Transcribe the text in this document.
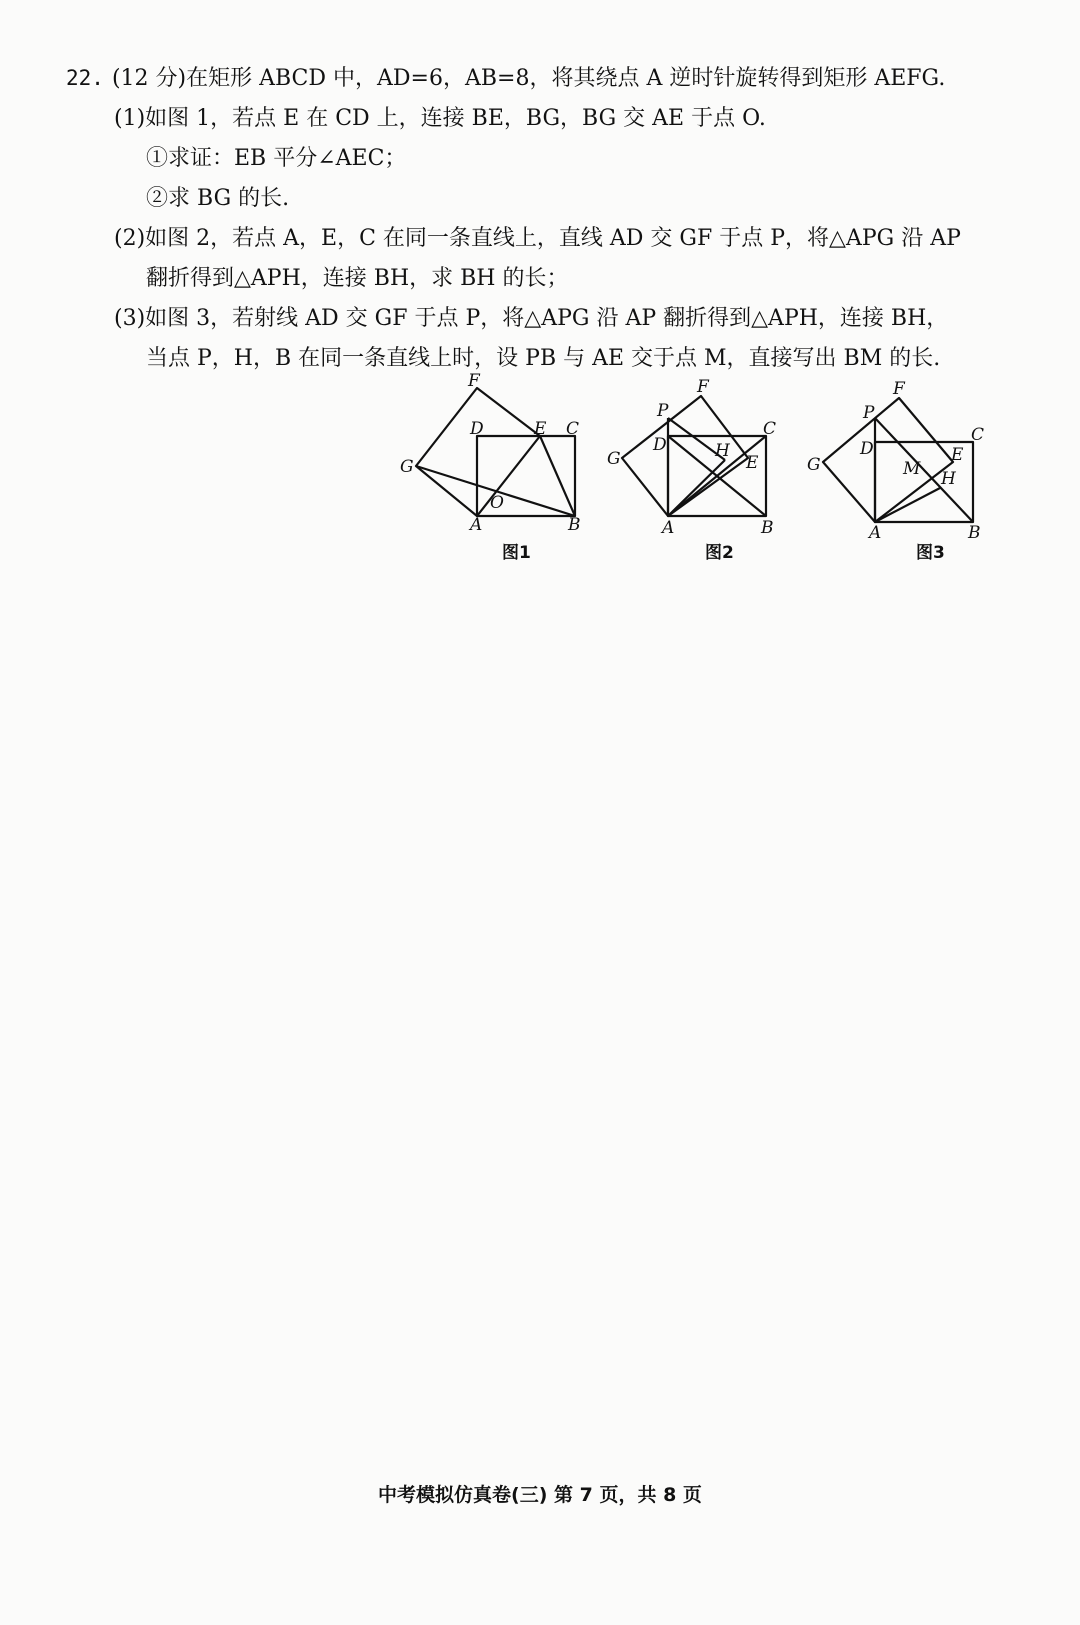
22. (12 分)在矩形 ABCD 中，AD=6，AB=8，将其绕点 A 逆时针旋转得到矩形 AEFG.
(1)如图 1，若点 E 在 CD 上，连接 BE，BG，BG 交 AE 于点 O.
①求证：EB 平分∠AEC；
②求 BG 的长.
(2)如图 2，若点 A，E，C 在同一条直线上，直线 AD 交 GF 于点 P，将△APG 沿 AP
翻折得到△APH，连接 BH，求 BH 的长；
(3)如图 3，若射线 AD 交 GF 于点 P，将△APG 沿 AP 翻折得到△APH，连接 BH，
当点 P，H，B 在同一条直线上时，设 PB 与 AE 交于点 M，直接写出 BM 的长.
F
D	E C
G
O
A	B
图1
F
P
D
C
G	H
E
A	B
图2
F
P
D
C
E
G	M H
A	B
图3
中考模拟仿真卷(三) 第 7 页，共 8 页
